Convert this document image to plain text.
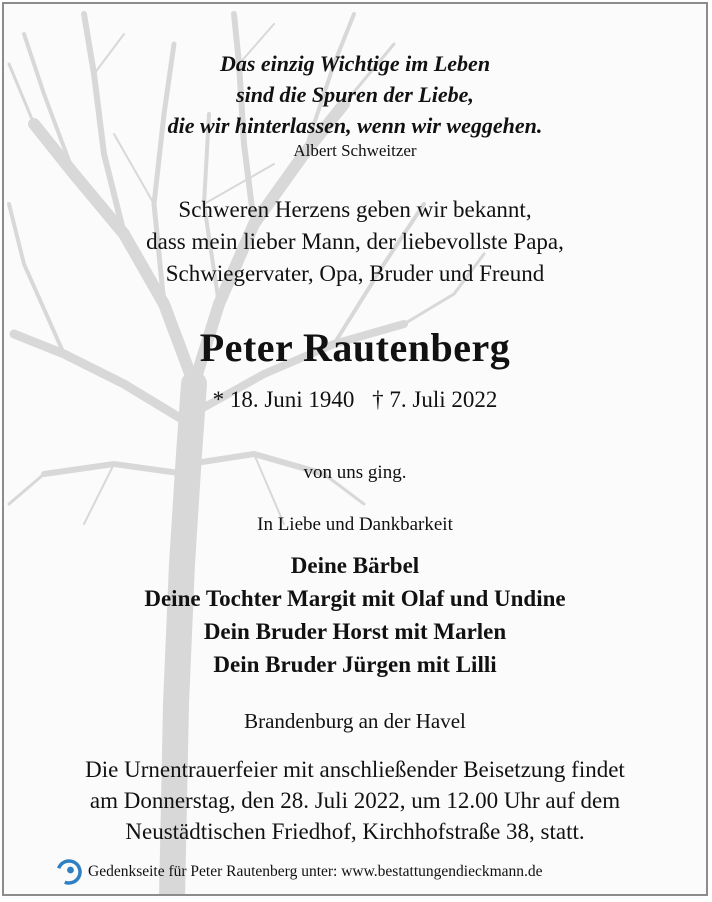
Das einzig Wichtige im Leben
sind die Spuren der Liebe,
die wir hinterlassen, wenn wir weggehen.
Albert Schweitzer
Schweren Herzens geben wir bekannt,
dass mein lieber Mann, der liebevollste Papa,
Schwiegervater, Opa, Bruder und Freund
Peter Rautenberg
* 18. Juni 1940 † 7. Juli 2022
von uns ging.
In Liebe und Dankbarkeit
Deine Bärbel
Deine Tochter Margit mit Olaf und Undine
Dein Bruder Horst mit Marlen
Dein Bruder Jürgen mit Lilli
Brandenburg an der Havel
Die Urnentrauerfeier mit anschließender Beisetzung findet
am Donnerstag, den 28. Juli 2022, um 12.00 Uhr auf dem
Neustädtischen Friedhof, Kirchhofstraße 38, statt.
Gedenkseite für Peter Rautenberg unter: www.bestattungendieckmann.de
